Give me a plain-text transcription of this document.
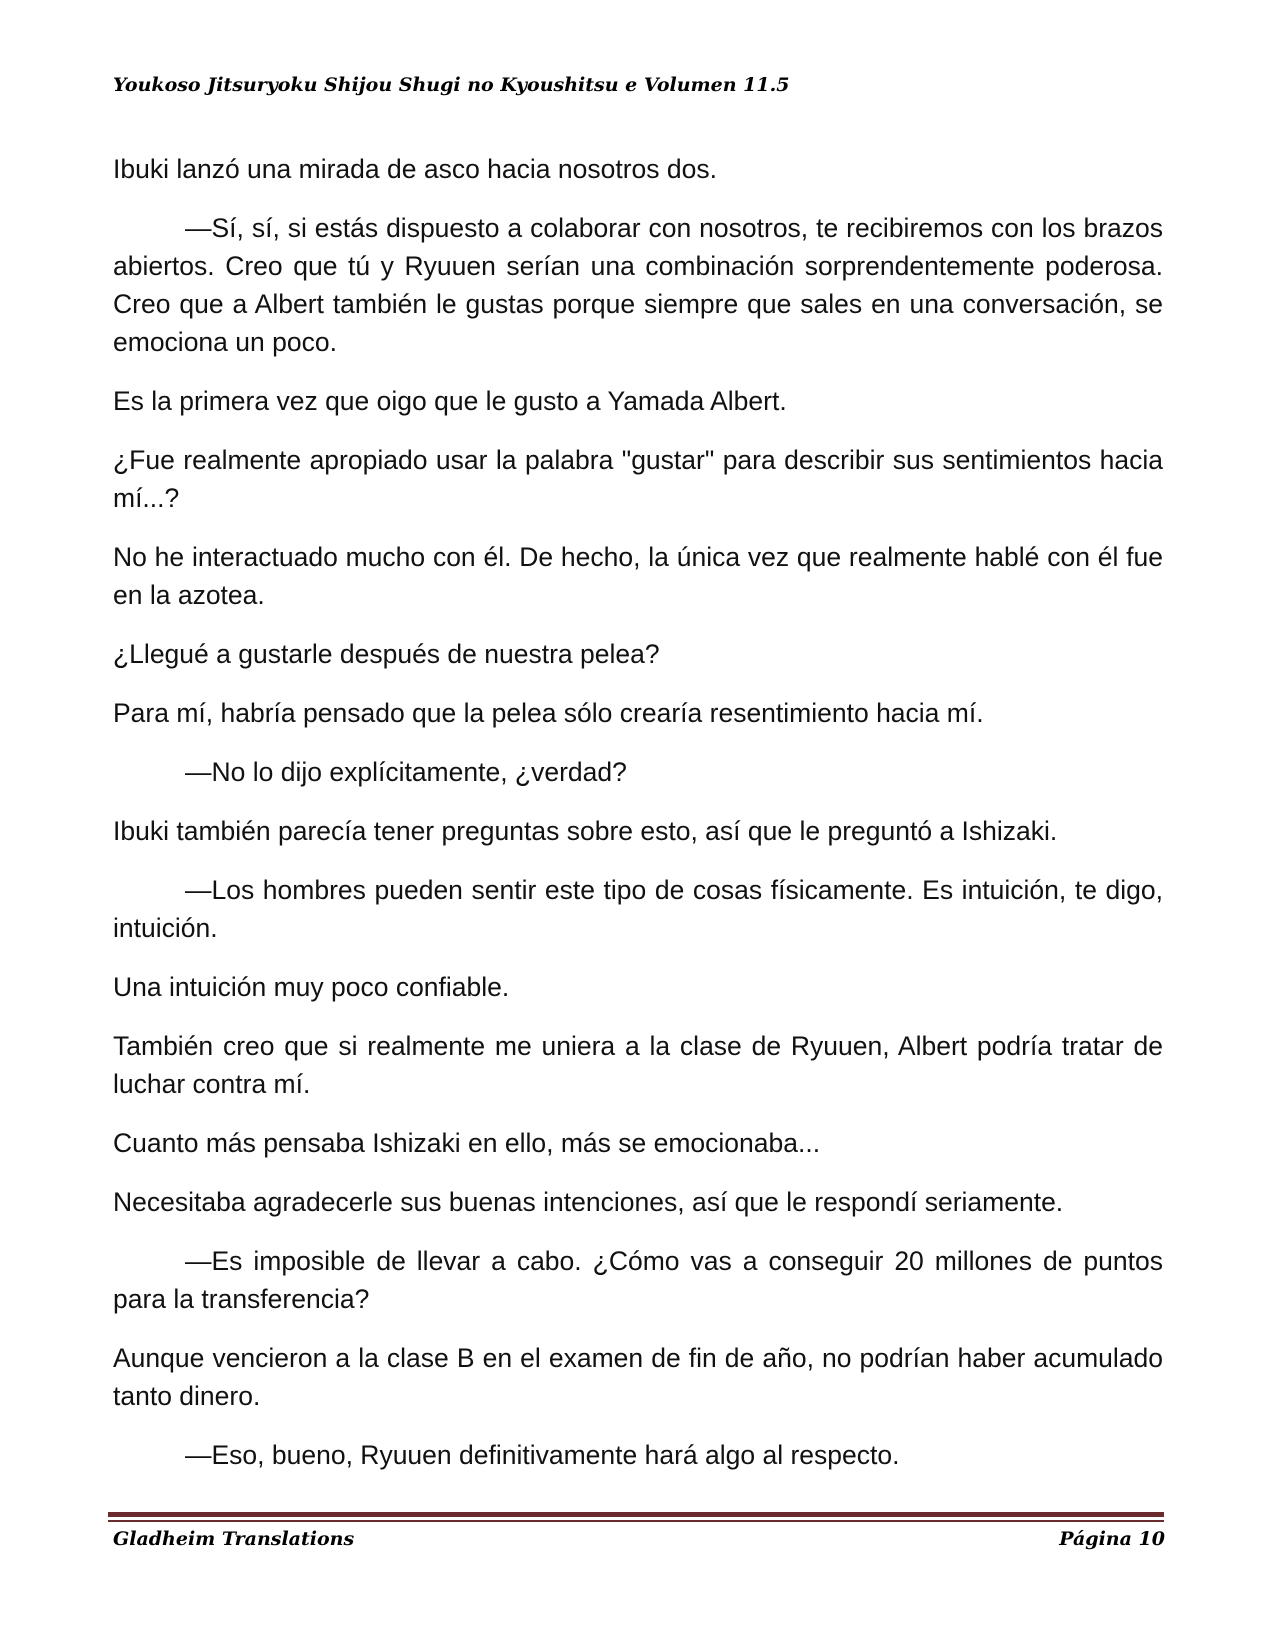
Youkoso Jitsuryoku Shijou Shugi no Kyoushitsu e Volumen 11.5

Ibuki lanzó una mirada de asco hacia nosotros dos.

—Sí, sí, si estás dispuesto a colaborar con nosotros, te recibiremos con los brazos abiertos. Creo que tú y Ryuuen serían una combinación sorprendentemente poderosa. Creo que a Albert también le gustas porque siempre que sales en una conversación, se emociona un poco.

Es la primera vez que oigo que le gusto a Yamada Albert.

¿Fue realmente apropiado usar la palabra "gustar" para describir sus sentimientos hacia mí...?

No he interactuado mucho con él. De hecho, la única vez que realmente hablé con él fue en la azotea.

¿Llegué a gustarle después de nuestra pelea?

Para mí, habría pensado que la pelea sólo crearía resentimiento hacia mí.

—No lo dijo explícitamente, ¿verdad?

Ibuki también parecía tener preguntas sobre esto, así que le preguntó a Ishizaki.

—Los hombres pueden sentir este tipo de cosas físicamente. Es intuición, te digo, intuición.

Una intuición muy poco confiable.

También creo que si realmente me uniera a la clase de Ryuuen, Albert podría tratar de luchar contra mí.

Cuanto más pensaba Ishizaki en ello, más se emocionaba...

Necesitaba agradecerle sus buenas intenciones, así que le respondí seriamente.

—Es imposible de llevar a cabo. ¿Cómo vas a conseguir 20 millones de puntos para la transferencia?

Aunque vencieron a la clase B en el examen de fin de año, no podrían haber acumulado tanto dinero.

—Eso, bueno, Ryuuen definitivamente hará algo al respecto.

Gladheim Translations	Página 10
